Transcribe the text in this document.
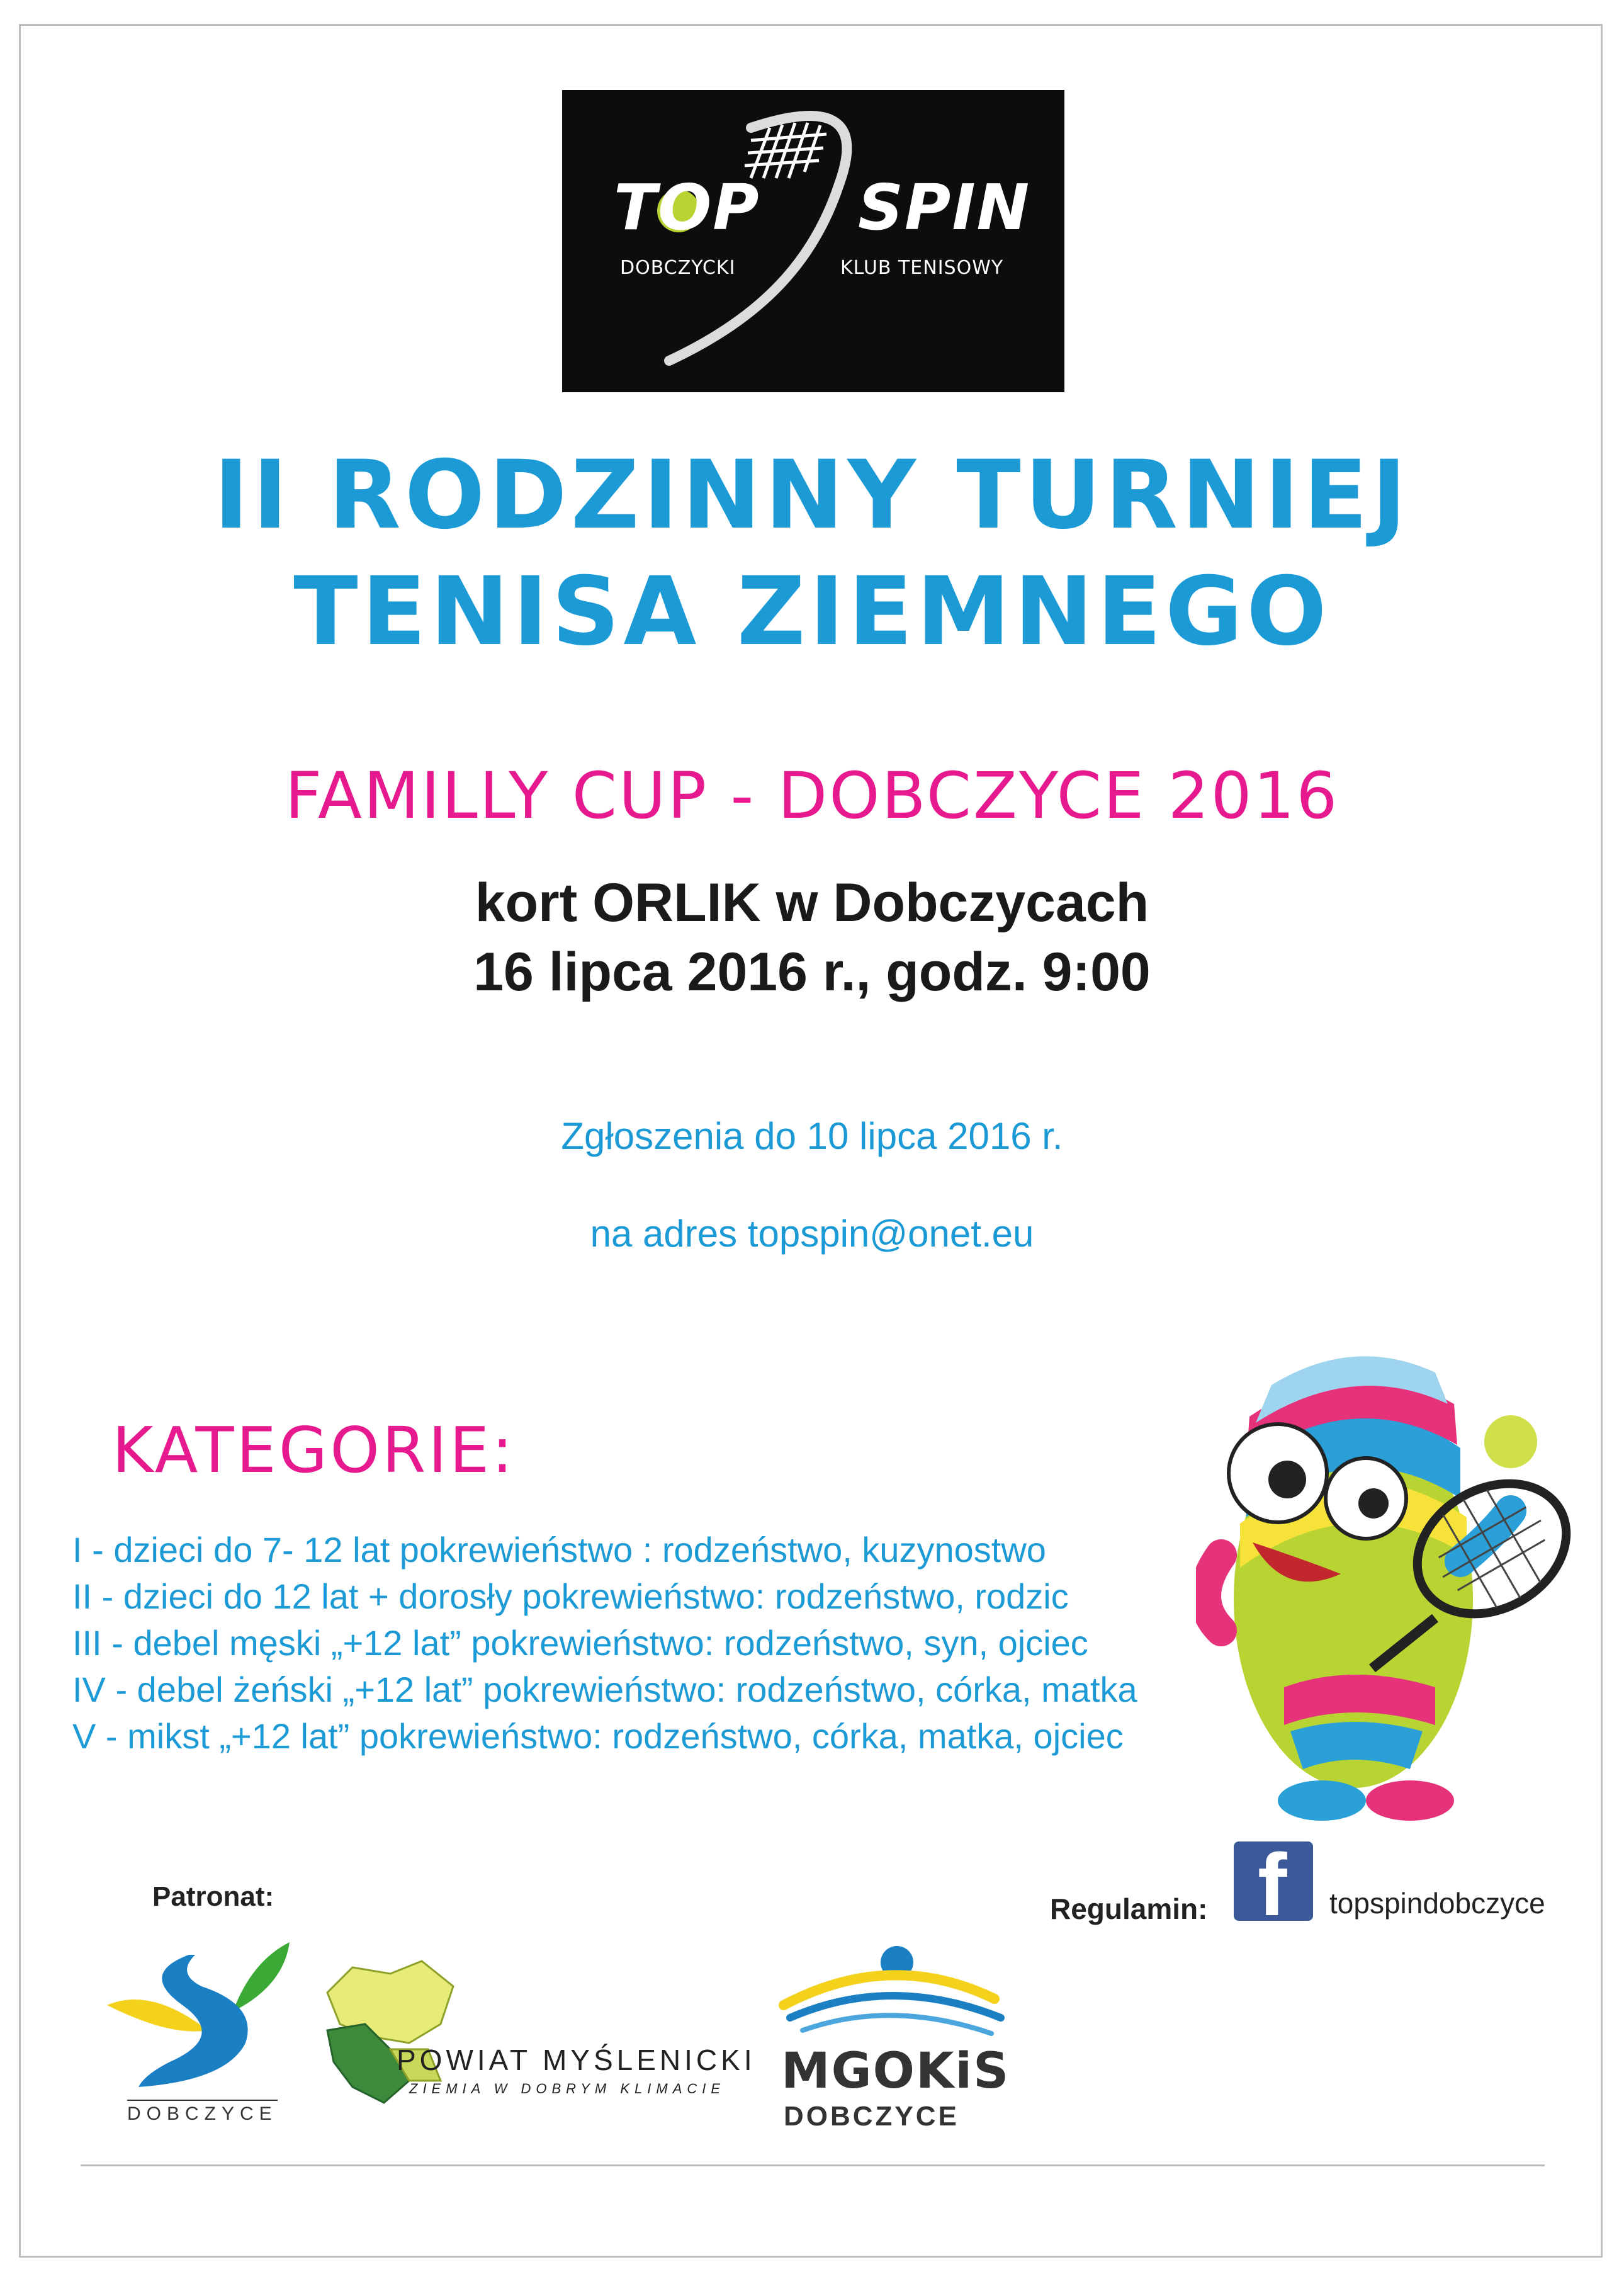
TOP SPIN
DOBCZYCKI	KLUB TENISOWY
II RODZINNY TURNIEJ
TENISA ZIEMNEGO
FAMILLY CUP - DOBCZYCE 2016
kort ORLIK w Dobczycach
16 lipca 2016 r., godz. 9:00
Zgłoszenia do 10 lipca 2016 r.
na adres topspin@onet.eu
KATEGORIE:
I - dzieci do 7- 12 lat pokrewieństwo : rodzeństwo, kuzynostwo
II - dzieci do 12 lat + dorosły pokrewieństwo: rodzeństwo, rodzic
III - debel męski „+12 lat” pokrewieństwo: rodzeństwo, syn, ojciec
IV - debel żeński „+12 lat” pokrewieństwo: rodzeństwo, córka, matka
V - mikst „+12 lat” pokrewieństwo: rodzeństwo, córka, matka, ojciec
Patronat:	Regulamin: f topspindobczyce
DOBCZYCE
POWIAT MYŚLENICKI
ZIEMIA W DOBRYM KLIMACIE MGOKiS
DOBCZYCE
